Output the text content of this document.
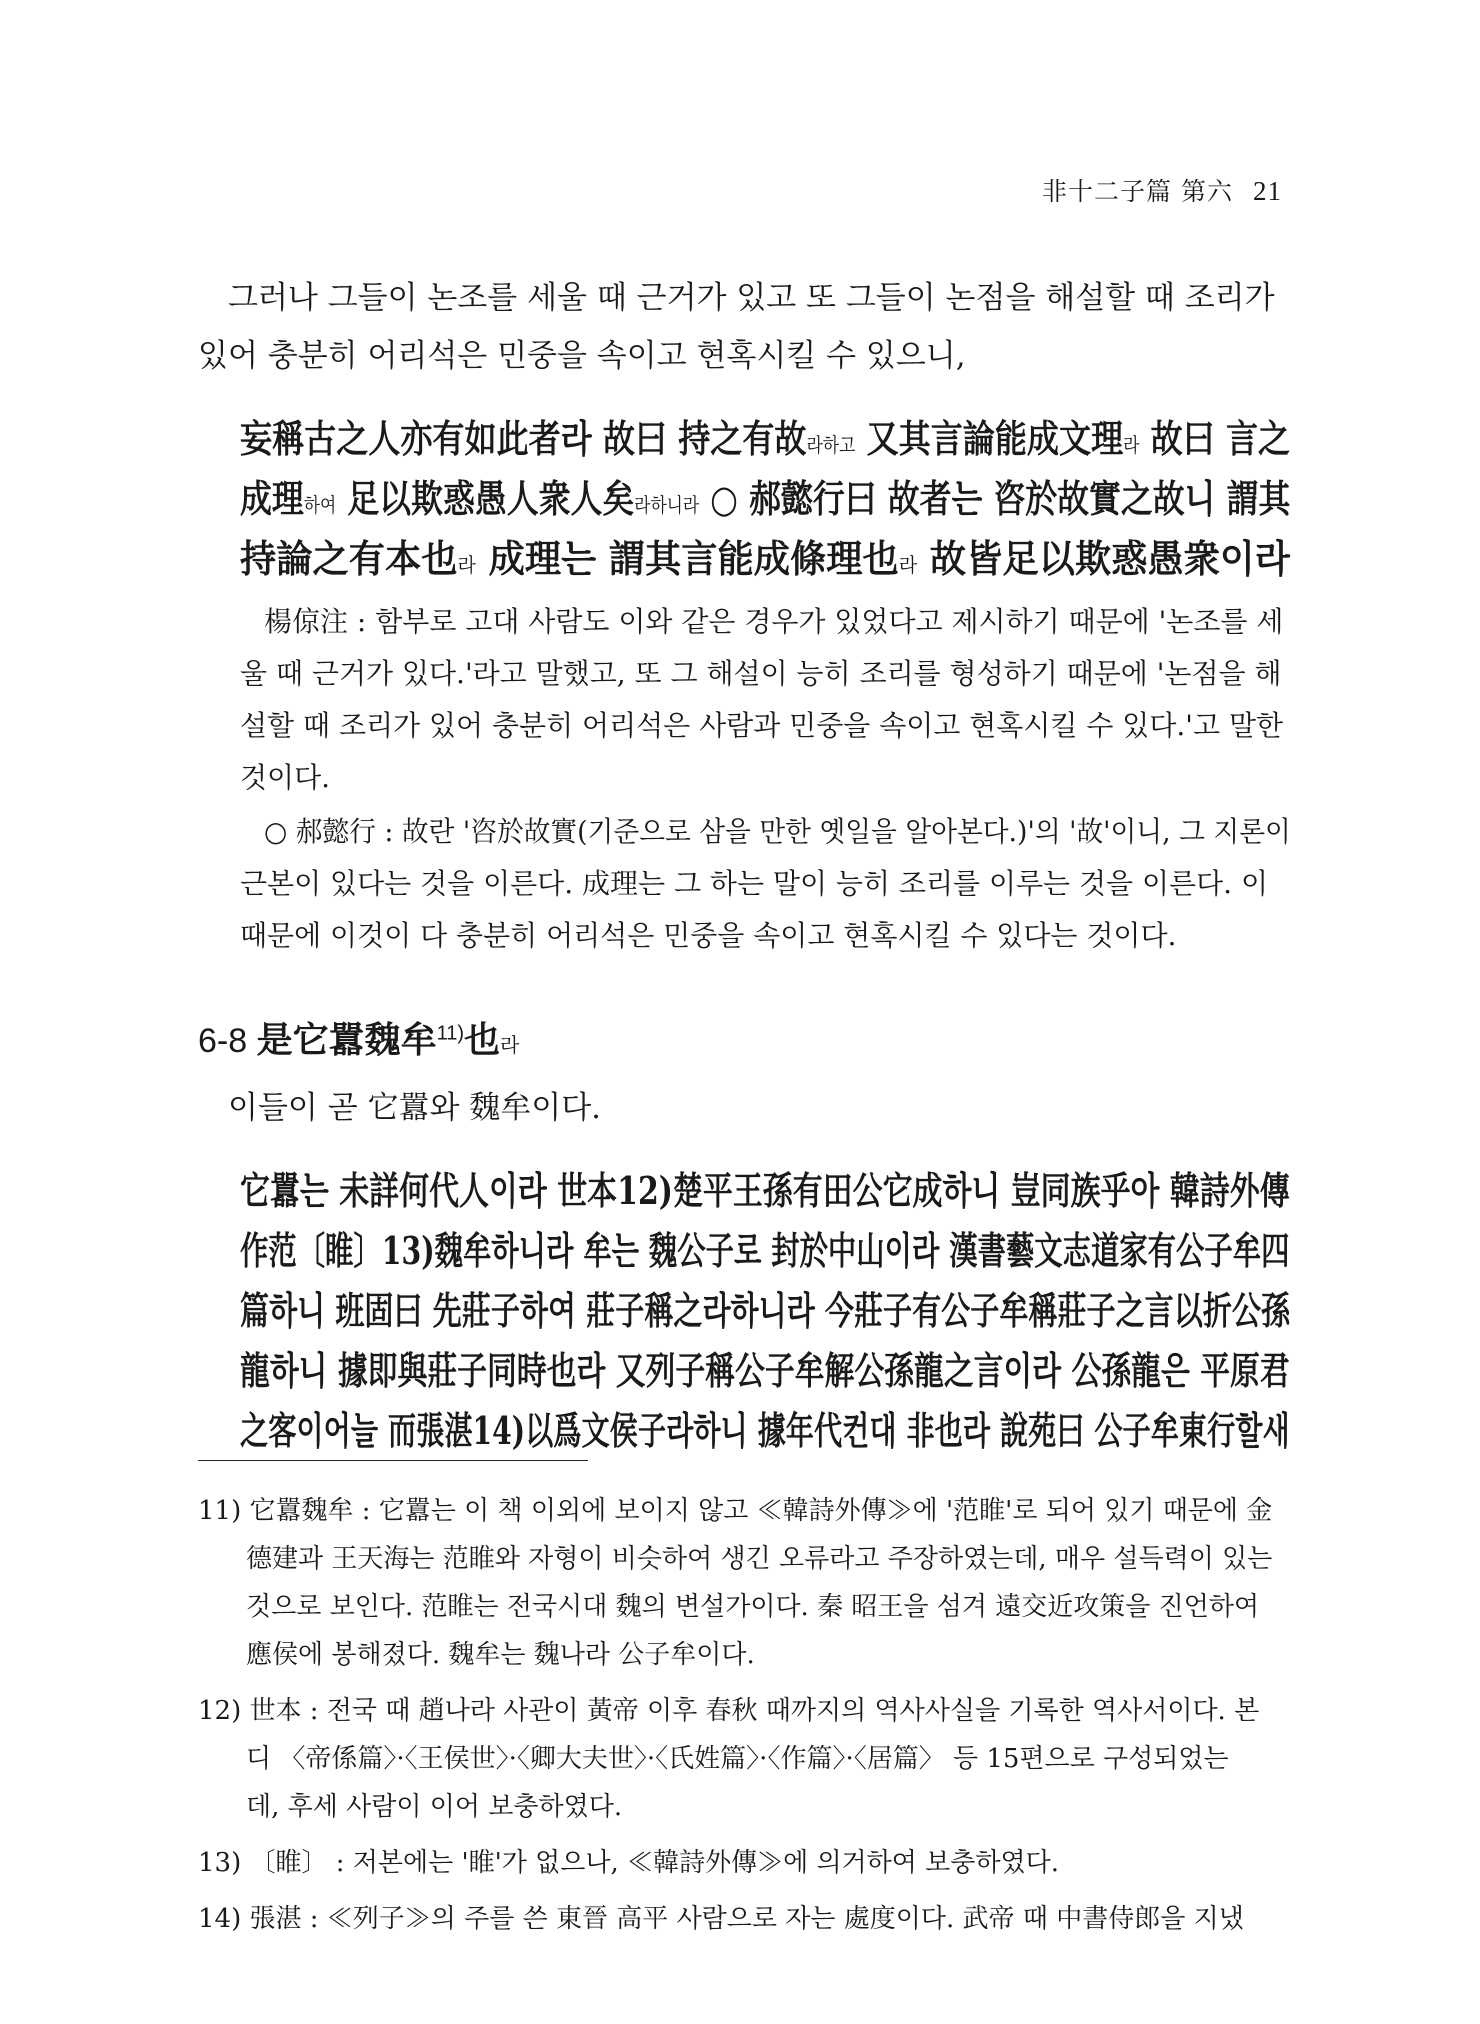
非十二子篇 第六 21
그러나 그들이 논조를 세울 때 근거가 있고 또 그들이 논점을 해설할 때 조리가
있어 충분히 어리석은 민중을 속이고 현혹시킬 수 있으니,
妄稱古之人亦有如此者라 故曰 持之有故라하고 又其言論能成文理라 故曰 言之
成理하여 足以欺惑愚人衆人矣라하니라 ○ 郝懿行曰 故者는 咨於故實之故니 謂其
持論之有本也라 成理는 謂其言能成條理也라 故皆足以欺惑愚衆이라
楊倞注 : 함부로 고대 사람도 이와 같은 경우가 있었다고 제시하기 때문에 '논조를 세
울 때 근거가 있다.'라고 말했고, 또 그 해설이 능히 조리를 형성하기 때문에 '논점을 해
설할 때 조리가 있어 충분히 어리석은 사람과 민중을 속이고 현혹시킬 수 있다.'고 말한
것이다.
○ 郝懿行 : 故란 '咨於故實(기준으로 삼을 만한 옛일을 알아본다.)'의 '故'이니, 그 지론이
근본이 있다는 것을 이른다. 成理는 그 하는 말이 능히 조리를 이루는 것을 이른다. 이
때문에 이것이 다 충분히 어리석은 민중을 속이고 현혹시킬 수 있다는 것이다.
6-8 是它囂魏牟$^{11)}$也라
이들이 곧 它囂와 魏牟이다.
它囂는 未詳何代人이라 世本12)楚平王孫有田公它成하니 豈同族乎아 韓詩外傳
作范〔睢〕13)魏牟하니라 牟는 魏公子로 封於中山이라 漢書藝文志道家有公子牟四
篇하니 班固曰 先莊子하여 莊子稱之라하니라 今莊子有公子牟稱莊子之言以折公孫
龍하니 據即與莊子同時也라 又列子稱公子牟解公孫龍之言이라 公孫龍은 平原君
之客이어늘 而張湛14)以爲文侯子라하니 據年代컨대 非也라 說苑曰 公子牟東行할새
11) 它囂魏牟 : 它囂는 이 책 이외에 보이지 않고 ≪韓詩外傳≫에 '范睢'로 되어 있기 때문에 金
德建과 王天海는 范睢와 자형이 비슷하여 생긴 오류라고 주장하였는데, 매우 설득력이 있는
것으로 보인다. 范睢는 전국시대 魏의 변설가이다. 秦 昭王을 섬겨 遠交近攻策을 진언하여
應侯에 봉해졌다. 魏牟는 魏나라 公子牟이다.
12) 世本 : 전국 때 趙나라 사관이 黃帝 이후 春秋 때까지의 역사사실을 기록한 역사서이다. 본
디 〈帝係篇〉·〈王侯世〉·〈卿大夫世〉·〈氏姓篇〉·〈作篇〉·〈居篇〉 등 15편으로 구성되었는
데, 후세 사람이 이어 보충하였다.
13) 〔睢〕 : 저본에는 '睢'가 없으나, ≪韓詩外傳≫에 의거하여 보충하였다.
14) 張湛 : ≪列子≫의 주를 쓴 東晉 高平 사람으로 자는 處度이다. 武帝 때 中書侍郎을 지냈
